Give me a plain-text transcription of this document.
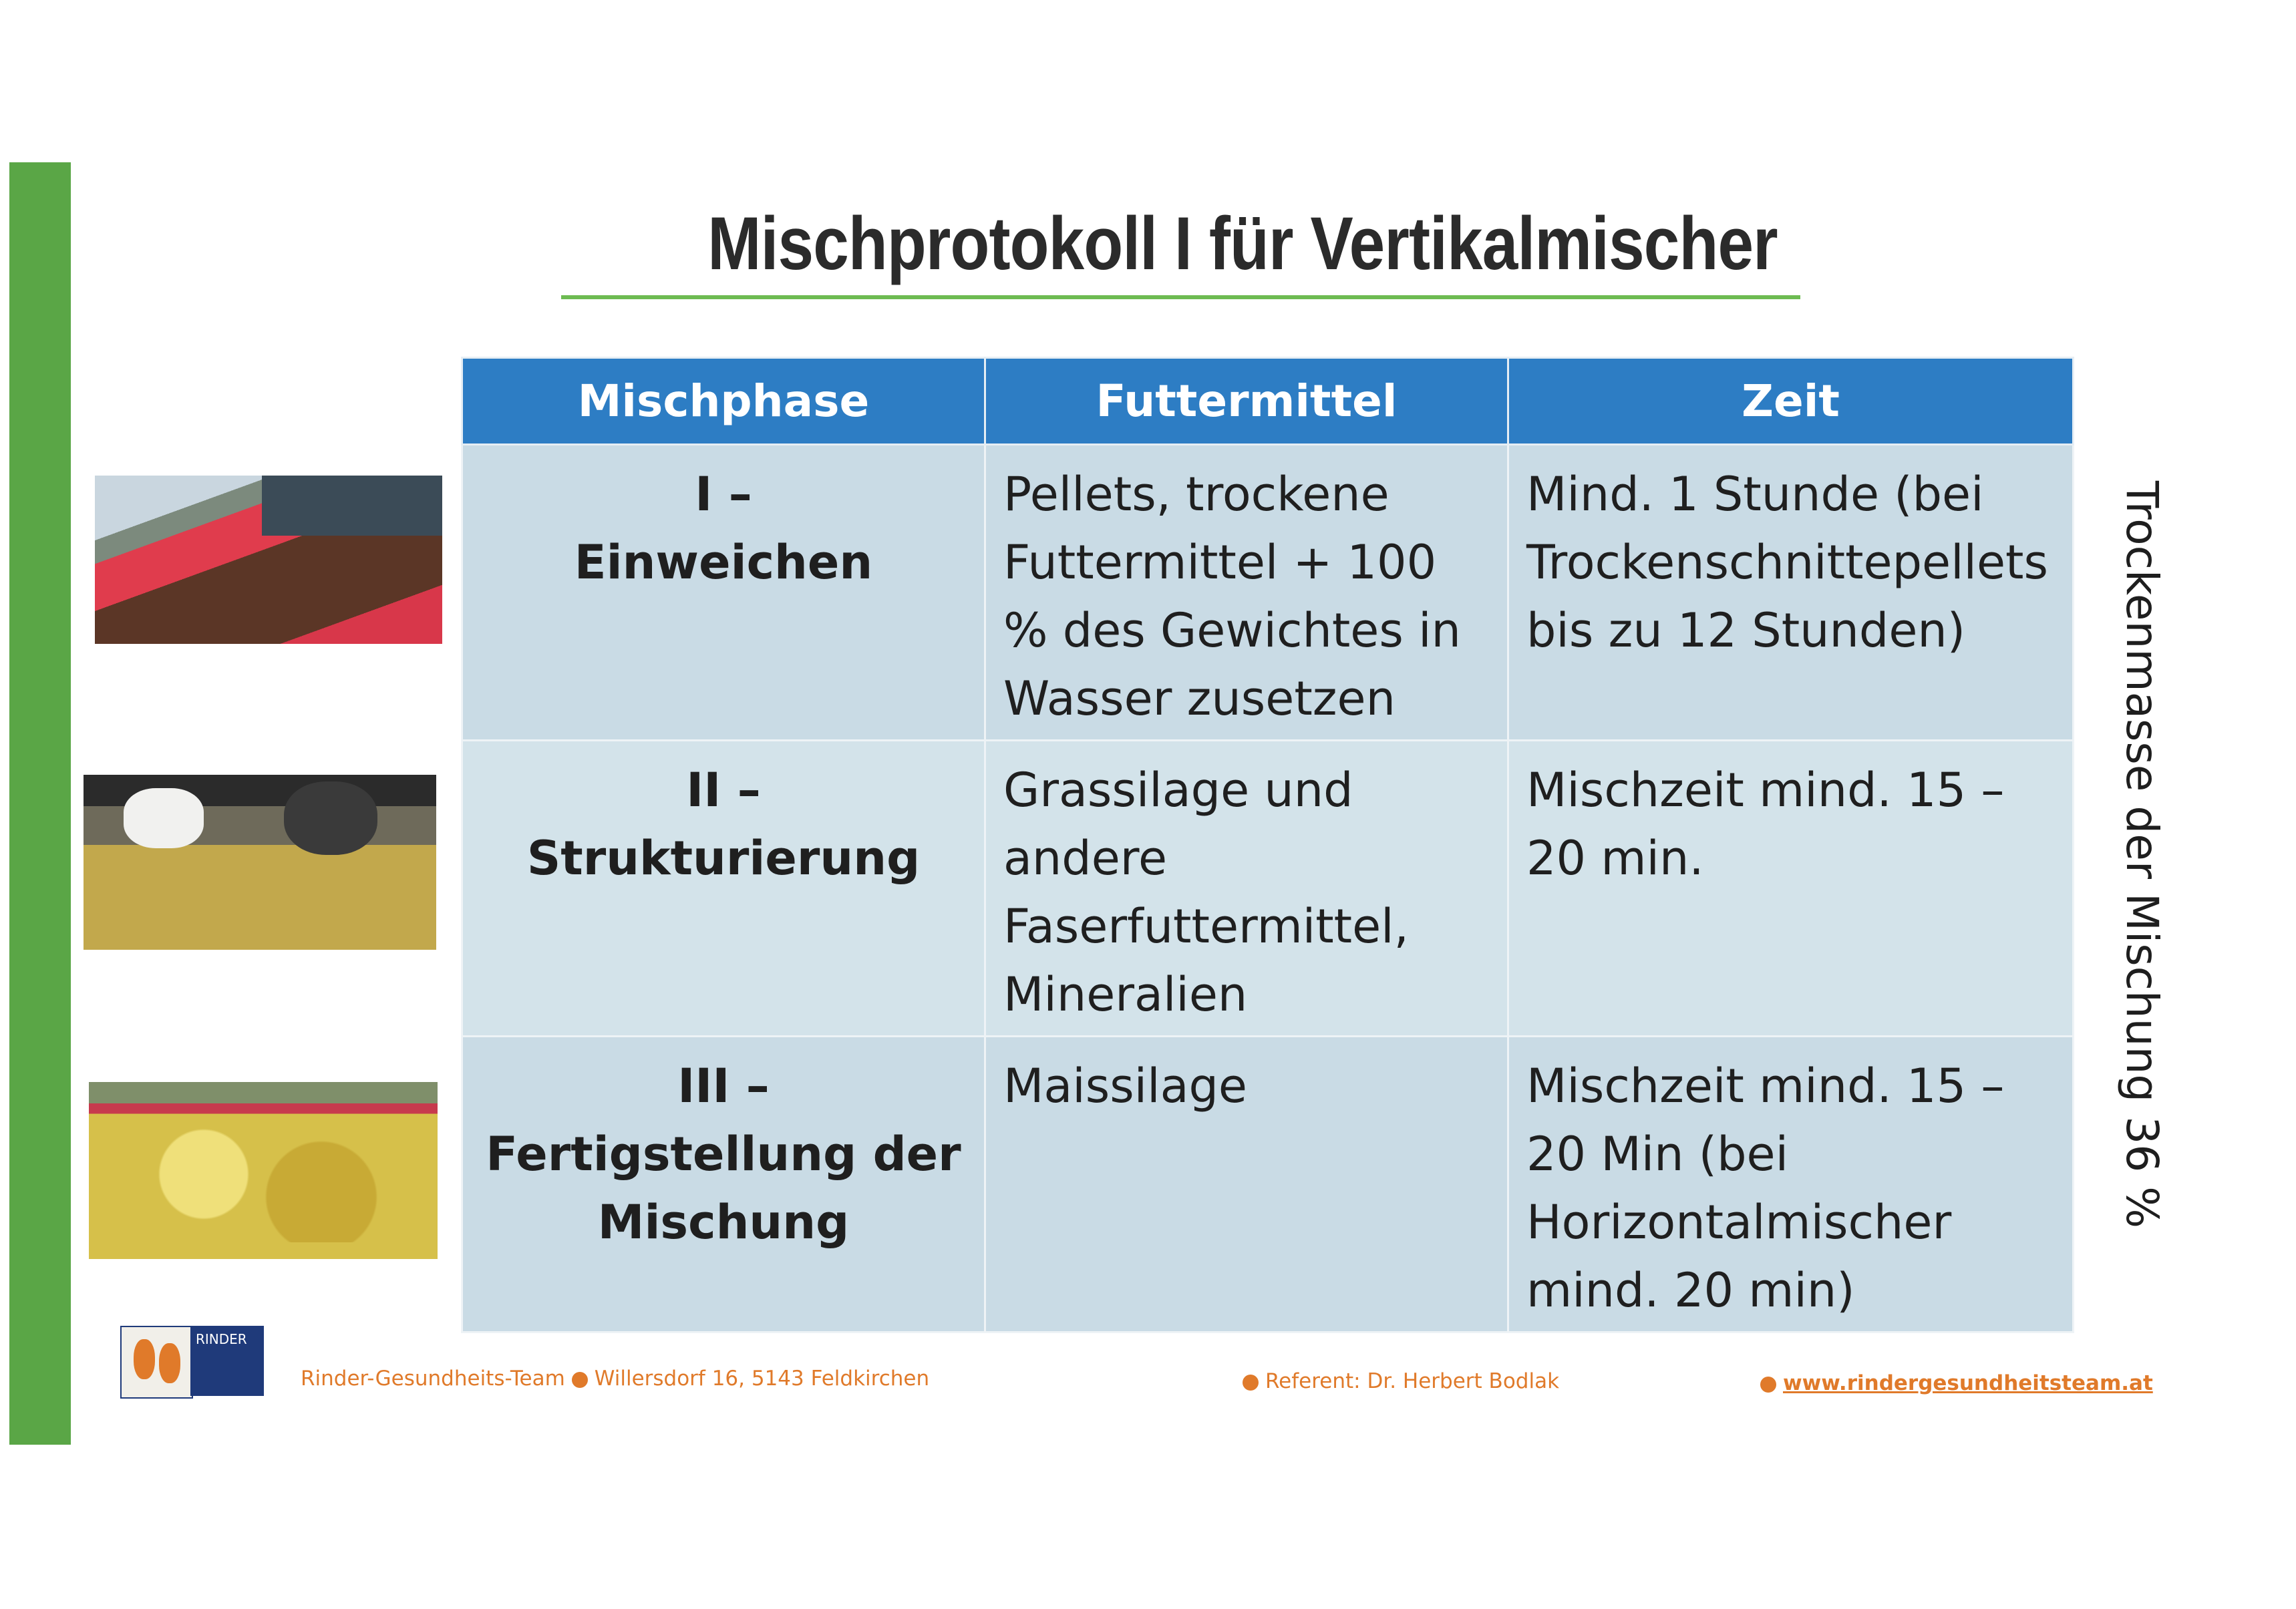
Mischprotokoll I für Vertikalmischer
Mischphase	Futtermittel	Zeit

I –
Einweichen	Pellets, trockene Futtermittel + 100 % des Gewichtes in Wasser zusetzen	Mind. 1 Stunde (bei Trockenschnittepellets bis zu 12 Stunden)

II –
Strukturierung	Grassilage und andere Faserfuttermittel, Mineralien	Mischzeit mind. 15 – 20 min.

III –
Fertigstellung der
Mischung	Maissilage	Mischzeit mind. 15 – 20 Min (bei Horizontalmischer mind. 20 min)
Trockenmasse der Mischung 36 %
RINDER
Rinder-Gesundheits-Team Willersdorf 16, 5143 Feldkirchen	Referent: Dr. Herbert Bodlak	www.rindergesundheitsteam.at
